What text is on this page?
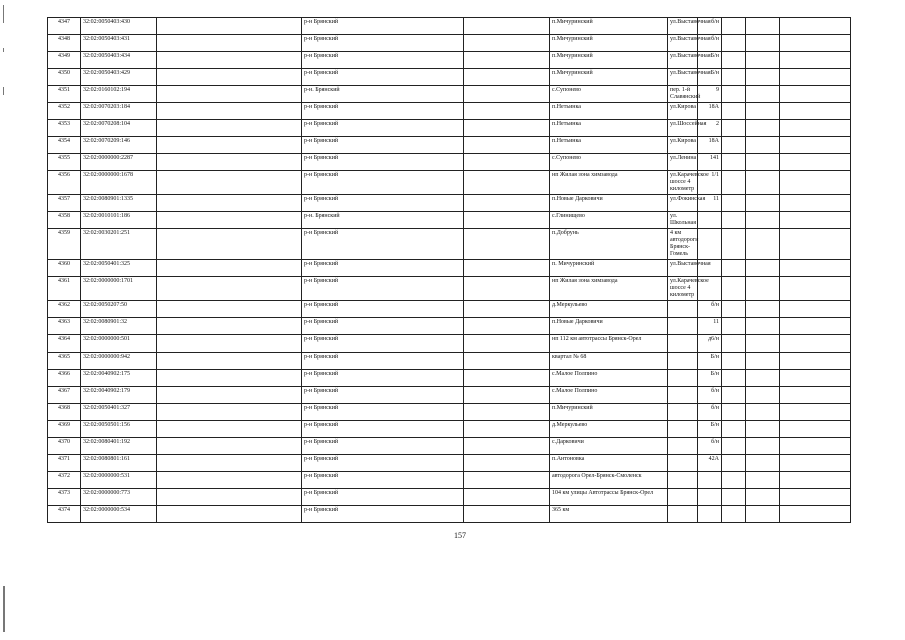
4347	32:02:0050403:430		р-н Брянский		п.Мичуринский	ул.Выставочная	б/н			
4348	32:02:0050403:431		р-н Брянский		п.Мичуринский	ул.Выставочная	б/н			
4349	32:02:0050403:434		р-н Брянский		п.Мичуринский	ул.Выставочная	Б/н			
4350	32:02:0050403:429		р-н Брянский		п.Мичуринский	ул.Выставочная	Б/н			
4351	32:02:0160102:194		р-н. Брянский		с.Супонево	пер. 1-й Славянский	9			
4352	32:02:0070203:184		р-н Брянский		п.Нетьинка	ул.Кирова	18А			
4353	32:02:0070208:104		р-н Брянский		п.Нетьинка	ул.Шоссейная	2			
4354	32:02:0070209:146		р-н Брянский		п.Нетьинка	ул.Кирова	18А			
4355	32:02:0000000:2287		р-н Брянский		с.Супонево	ул.Ленина	141			
4356	32:02:0000000:1678		р-н Брянский		нп Жилая зона химзавода	ул.Карачевское шоссе 4 километр	1/1			
4357	32:02:0080901:1335		р-н Брянский		п.Новые Дарковичи	ул.Фокинская	11			
4358	32:02:0010101:186		р-н. Брянский		с.Глинищево	ул. Школьная				
4359	32:02:0030201:251		р-н Брянский		п.Добрунь	4 км автодороги Брянск-Гомель				
4360	32:02:0050401:325		р-н Брянский		п. Мичуринский	ул.Выставочная				
4361	32:02:0000000:1701		р-н Брянский		нп Жилая зона химзавода	ул.Карачевское шоссе 4 километр				
4362	32:02:0050207:50		р-н Брянский		д.Меркульево		б/н			
4363	32:02:0080901:32		р-н Брянский		п.Новые Дарковичи		11			
4364	32:02:0000000:501		р-н Брянский		нп 112 км автотрассы Брянск-Орел		д6/н			
4365	32:02:0000000:942		р-н Брянский		квартал № 68		Б/н			
4366	32:02:0040902:175		р-н Брянский		с.Малое Полпино		Б/н			
4367	32:02:0040902:179		р-н Брянский		с.Малое Полпино		б/н			
4368	32:02:0050401:327		р-н Брянский		п.Мичуринский		б/н			
4369	32:02:0050501:156		р-н Брянский		д.Меркульево		Б/н			
4370	32:02:0080401:192		р-н Брянский		с.Дарковичи		б/н			
4371	32:02:0080801:161		р-н Брянский		п.Антоновка		42А			
4372	32:02:0000000:531		р-н Брянский		автодорога Орел-Брянск-Смоленск					
4373	32:02:0000000:773		р-н Брянский		104 км улицы Автотрассы Брянск-Орел					
4374	32:02:0000000:534		р-н Брянский		365 км					
157
